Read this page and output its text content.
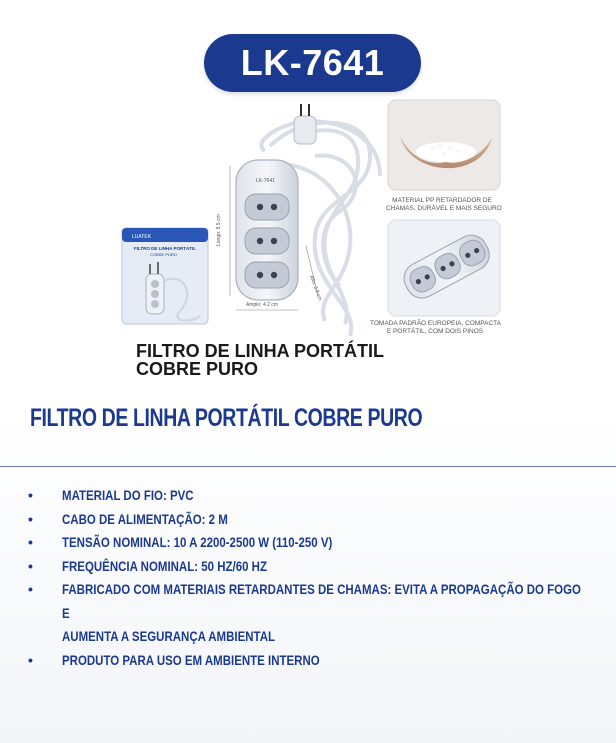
LK-7641
LUATEK
FILTRO DE LINHA PORTÁTIL
COBRE PURO
LK-7641
Longo: 8.5 cm
Amplo: 4.2 cm
Alto: 3.8 cm
MATERIAL PP RETARDADOR DE
CHAMAS, DURÁVEL E MAIS SEGURO
TOMADA PADRÃO EUROPEIA, COMPACTA
E PORTÁTIL, COM DOIS PINOS
FILTRO DE LINHA PORTÁTIL
COBRE PURO
FILTRO DE LINHA PORTÁTIL COBRE PURO
• MATERIAL DO FIO: PVC
• CABO DE ALIMENTAÇÃO: 2 M
• TENSÃO NOMINAL: 10 A 2200-2500 W (110-250 V)
• FREQUÊNCIA NOMINAL: 50 HZ/60 HZ
• FABRICADO COM MATERIAIS RETARDANTES DE CHAMAS: EVITA A PROPAGAÇÃO DO FOGO E
AUMENTA A SEGURANÇA AMBIENTAL
• PRODUTO PARA USO EM AMBIENTE INTERNO
